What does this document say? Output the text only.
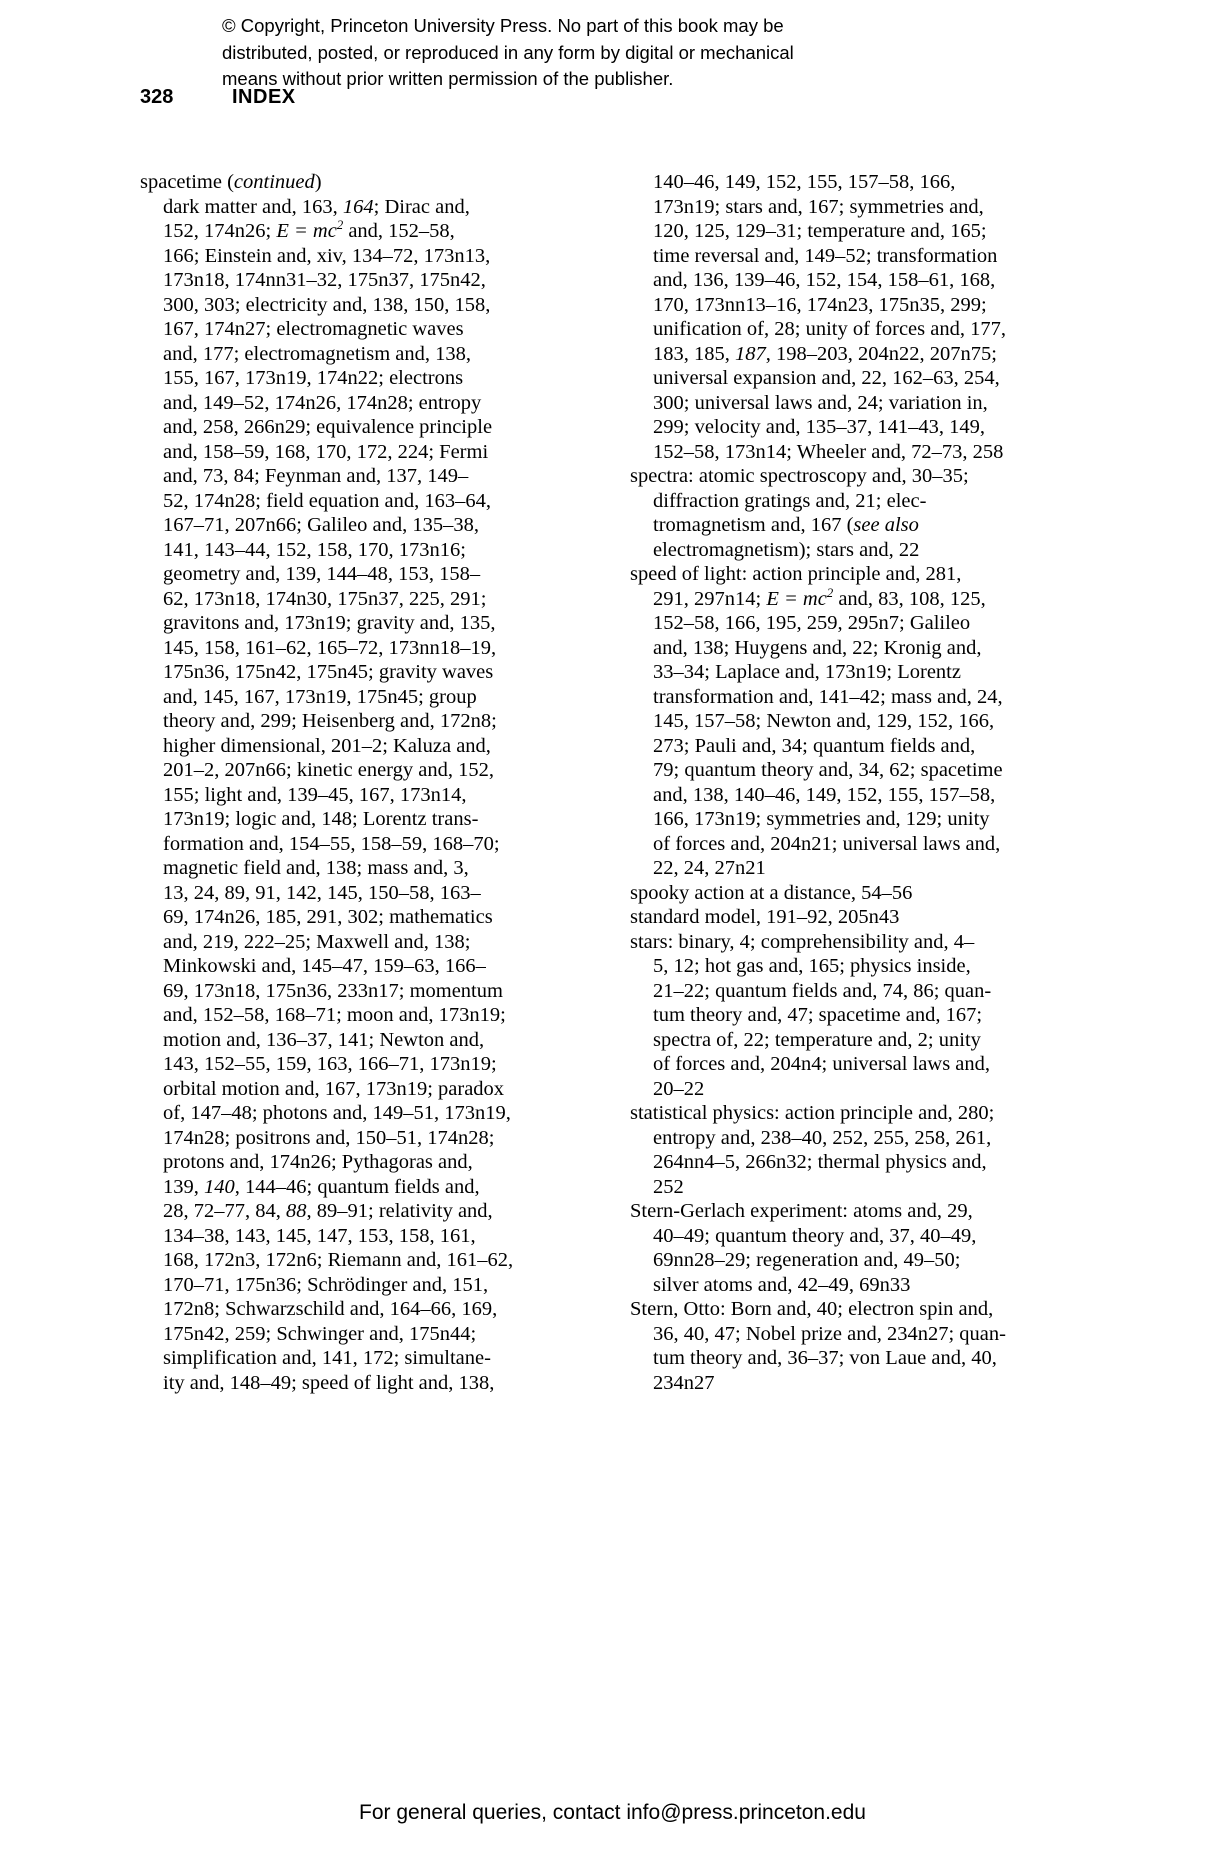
© Copyright, Princeton University Press. No part of this book may be
distributed, posted, or reproduced in any form by digital or mechanical
means without prior written permission of the publisher.
328	INDEX
spacetime (continued)
dark matter and, 163, 164; Dirac and,
152, 174n26; $E = mc^2$ and, 152–58,
166; Einstein and, xiv, 134–72, 173n13,
173n18, 174nn31–32, 175n37, 175n42,
300, 303; electricity and, 138, 150, 158,
167, 174n27; electromagnetic waves
and, 177; electromagnetism and, 138,
155, 167, 173n19, 174n22; electrons
and, 149–52, 174n26, 174n28; entropy
and, 258, 266n29; equivalence principle
and, 158–59, 168, 170, 172, 224; Fermi
and, 73, 84; Feynman and, 137, 149–
52, 174n28; field equation and, 163–64,
167–71, 207n66; Galileo and, 135–38,
141, 143–44, 152, 158, 170, 173n16;
geometry and, 139, 144–48, 153, 158–
62, 173n18, 174n30, 175n37, 225, 291;
gravitons and, 173n19; gravity and, 135,
145, 158, 161–62, 165–72, 173nn18–19,
175n36, 175n42, 175n45; gravity waves
and, 145, 167, 173n19, 175n45; group
theory and, 299; Heisenberg and, 172n8;
higher dimensional, 201–2; Kaluza and,
201–2, 207n66; kinetic energy and, 152,
155; light and, 139–45, 167, 173n14,
173n19; logic and, 148; Lorentz trans-
formation and, 154–55, 158–59, 168–70;
magnetic field and, 138; mass and, 3,
13, 24, 89, 91, 142, 145, 150–58, 163–
69, 174n26, 185, 291, 302; mathematics
and, 219, 222–25; Maxwell and, 138;
Minkowski and, 145–47, 159–63, 166–
69, 173n18, 175n36, 233n17; momentum
and, 152–58, 168–71; moon and, 173n19;
motion and, 136–37, 141; Newton and,
143, 152–55, 159, 163, 166–71, 173n19;
orbital motion and, 167, 173n19; paradox
of, 147–48; photons and, 149–51, 173n19,
174n28; positrons and, 150–51, 174n28;
protons and, 174n26; Pythagoras and,
139, 140, 144–46; quantum fields and,
28, 72–77, 84, 88, 89–91; relativity and,
134–38, 143, 145, 147, 153, 158, 161,
168, 172n3, 172n6; Riemann and, 161–62,
170–71, 175n36; Schrödinger and, 151,
172n8; Schwarzschild and, 164–66, 169,
175n42, 259; Schwinger and, 175n44;
simplification and, 141, 172; simultane-
ity and, 148–49; speed of light and, 138,
140–46, 149, 152, 155, 157–58, 166,
173n19; stars and, 167; symmetries and,
120, 125, 129–31; temperature and, 165;
time reversal and, 149–52; transformation
and, 136, 139–46, 152, 154, 158–61, 168,
170, 173nn13–16, 174n23, 175n35, 299;
unification of, 28; unity of forces and, 177,
183, 185, 187, 198–203, 204n22, 207n75;
universal expansion and, 22, 162–63, 254,
300; universal laws and, 24; variation in,
299; velocity and, 135–37, 141–43, 149,
152–58, 173n14; Wheeler and, 72–73, 258
spectra: atomic spectroscopy and, 30–35;
diffraction gratings and, 21; elec-
tromagnetism and, 167 (see also
electromagnetism); stars and, 22
speed of light: action principle and, 281,
291, 297n14; $E = mc^2$ and, 83, 108, 125,
152–58, 166, 195, 259, 295n7; Galileo
and, 138; Huygens and, 22; Kronig and,
33–34; Laplace and, 173n19; Lorentz
transformation and, 141–42; mass and, 24,
145, 157–58; Newton and, 129, 152, 166,
273; Pauli and, 34; quantum fields and,
79; quantum theory and, 34, 62; spacetime
and, 138, 140–46, 149, 152, 155, 157–58,
166, 173n19; symmetries and, 129; unity
of forces and, 204n21; universal laws and,
22, 24, 27n21
spooky action at a distance, 54–56
standard model, 191–92, 205n43
stars: binary, 4; comprehensibility and, 4–
5, 12; hot gas and, 165; physics inside,
21–22; quantum fields and, 74, 86; quan-
tum theory and, 47; spacetime and, 167;
spectra of, 22; temperature and, 2; unity
of forces and, 204n4; universal laws and,
20–22
statistical physics: action principle and, 280;
entropy and, 238–40, 252, 255, 258, 261,
264nn4–5, 266n32; thermal physics and,
252
Stern-Gerlach experiment: atoms and, 29,
40–49; quantum theory and, 37, 40–49,
69nn28–29; regeneration and, 49–50;
silver atoms and, 42–49, 69n33
Stern, Otto: Born and, 40; electron spin and,
36, 40, 47; Nobel prize and, 234n27; quan-
tum theory and, 36–37; von Laue and, 40,
234n27
For general queries, contact info@press.princeton.edu
